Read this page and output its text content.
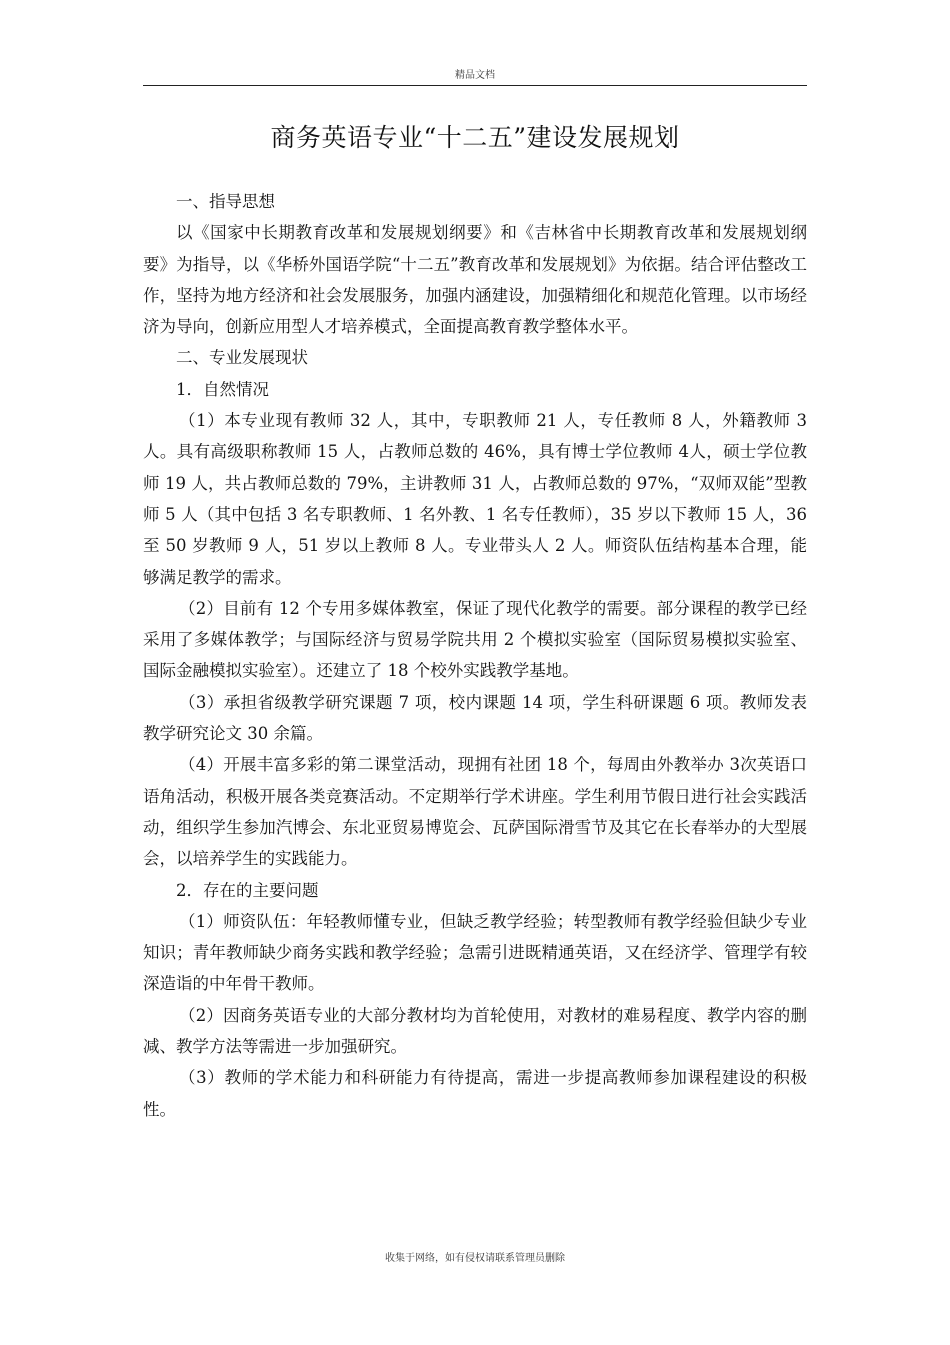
精品文档
商务英语专业“十二五”建设发展规划

一、指导思想

以《国家中长期教育改革和发展规划纲要》和《吉林省中长期教育改革和发展规划纲要》为指导，以《华桥外国语学院“十二五”教育改革和发展规划》为依据。结合评估整改工作，坚持为地方经济和社会发展服务，加强内涵建设，加强精细化和规范化管理。以市场经济为导向，创新应用型人才培养模式，全面提高教育教学整体水平。

二、专业发展现状

1．自然情况

（1）本专业现有教师 32 人，其中，专职教师 21 人，专任教师 8 人，外籍教师 3 人。具有高级职称教师 15 人，占教师总数的 46%，具有博士学位教师 4人，硕士学位教师 19 人，共占教师总数的 79%，主讲教师 31 人，占教师总数的 97%，“双师双能”型教师 5 人（其中包括 3 名专职教师、1 名外教、1 名专任教师），35 岁以下教师 15 人，36 至 50 岁教师 9 人，51 岁以上教师 8 人。专业带头人 2 人。师资队伍结构基本合理，能够满足教学的需求。

（2）目前有 12 个专用多媒体教室，保证了现代化教学的需要。部分课程的教学已经采用了多媒体教学；与国际经济与贸易学院共用 2 个模拟实验室（国际贸易模拟实验室、国际金融模拟实验室）。还建立了 18 个校外实践教学基地。

（3）承担省级教学研究课题 7 项，校内课题 14 项，学生科研课题 6 项。教师发表教学研究论文 30 余篇。

（4）开展丰富多彩的第二课堂活动，现拥有社团 18 个，每周由外教举办 3次英语口语角活动，积极开展各类竞赛活动。不定期举行学术讲座。学生利用节假日进行社会实践活动，组织学生参加汽博会、东北亚贸易博览会、瓦萨国际滑雪节及其它在长春举办的大型展会，以培养学生的实践能力。

2．存在的主要问题

（1）师资队伍：年轻教师懂专业，但缺乏教学经验；转型教师有教学经验但缺少专业知识；青年教师缺少商务实践和教学经验；急需引进既精通英语，又在经济学、管理学有较深造诣的中年骨干教师。

（2）因商务英语专业的大部分教材均为首轮使用，对教材的难易程度、教学内容的删减、教学方法等需进一步加强研究。

（3）教师的学术能力和科研能力有待提高，需进一步提高教师参加课程建设的积极性。

收集于网络，如有侵权请联系管理员删除
